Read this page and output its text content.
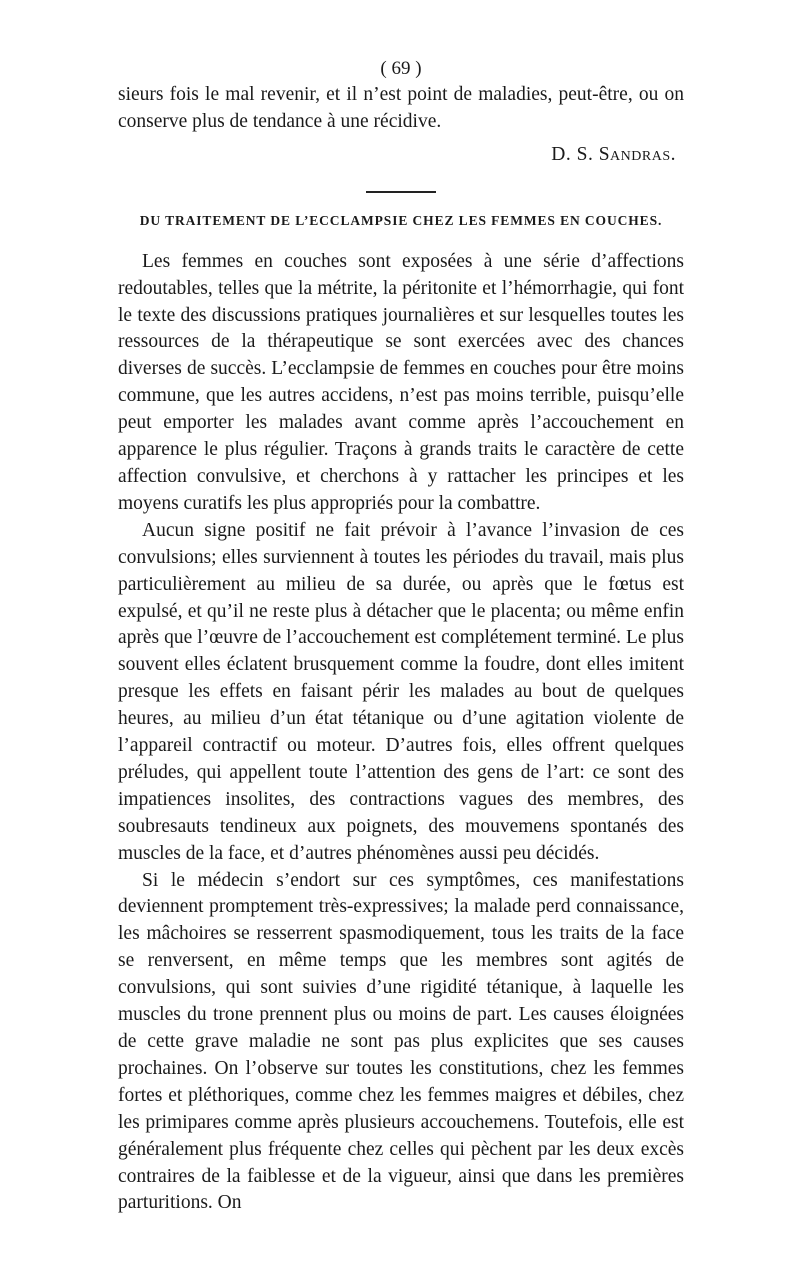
( 69 )

sieurs fois le mal revenir, et il n’est point de maladies, peut-être, ou on conserve plus de tendance à une récidive.

D. S. Sandras.
DU TRAITEMENT DE L’ECCLAMPSIE CHEZ LES FEMMES EN COUCHES.

Les femmes en couches sont exposées à une série d’affections redoutables, telles que la métrite, la péritonite et l’hémorrhagie, qui font le texte des discussions pratiques journalières et sur lesquelles toutes les ressources de la thérapeutique se sont exercées avec des chances diverses de succès. L’ecclampsie de femmes en couches pour être moins commune, que les autres accidens, n’est pas moins terrible, puisqu’elle peut emporter les malades avant comme après l’accouchement en apparence le plus régulier. Traçons à grands traits le caractère de cette affection convulsive, et cherchons à y rattacher les principes et les moyens curatifs les plus appropriés pour la combattre.

Aucun signe positif ne fait prévoir à l’avance l’invasion de ces convulsions; elles surviennent à toutes les périodes du travail, mais plus particulièrement au milieu de sa durée, ou après que le fœtus est expulsé, et qu’il ne reste plus à détacher que le placenta; ou même enfin après que l’œuvre de l’accouchement est complétement terminé. Le plus souvent elles éclatent brusquement comme la foudre, dont elles imitent presque les effets en faisant périr les malades au bout de quelques heures, au milieu d’un état tétanique ou d’une agitation violente de l’appareil contractif ou moteur. D’autres fois, elles offrent quelques préludes, qui appellent toute l’attention des gens de l’art: ce sont des impatiences insolites, des contractions vagues des membres, des soubresauts tendineux aux poignets, des mouvemens spontanés des muscles de la face, et d’autres phénomènes aussi peu décidés.

Si le médecin s’endort sur ces symptômes, ces manifestations deviennent promptement très-expressives; la malade perd connaissance, les mâchoires se resserrent spasmodiquement, tous les traits de la face se renversent, en même temps que les membres sont agités de convulsions, qui sont suivies d’une rigidité tétanique, à laquelle les muscles du trone prennent plus ou moins de part. Les causes éloignées de cette grave maladie ne sont pas plus explicites que ses causes prochaines. On l’observe sur toutes les constitutions, chez les femmes fortes et pléthoriques, comme chez les femmes maigres et débiles, chez les primipares comme après plusieurs accouchemens. Toutefois, elle est généralement plus fréquente chez celles qui pèchent par les deux excès contraires de la faiblesse et de la vigueur, ainsi que dans les premières parturitions. On
